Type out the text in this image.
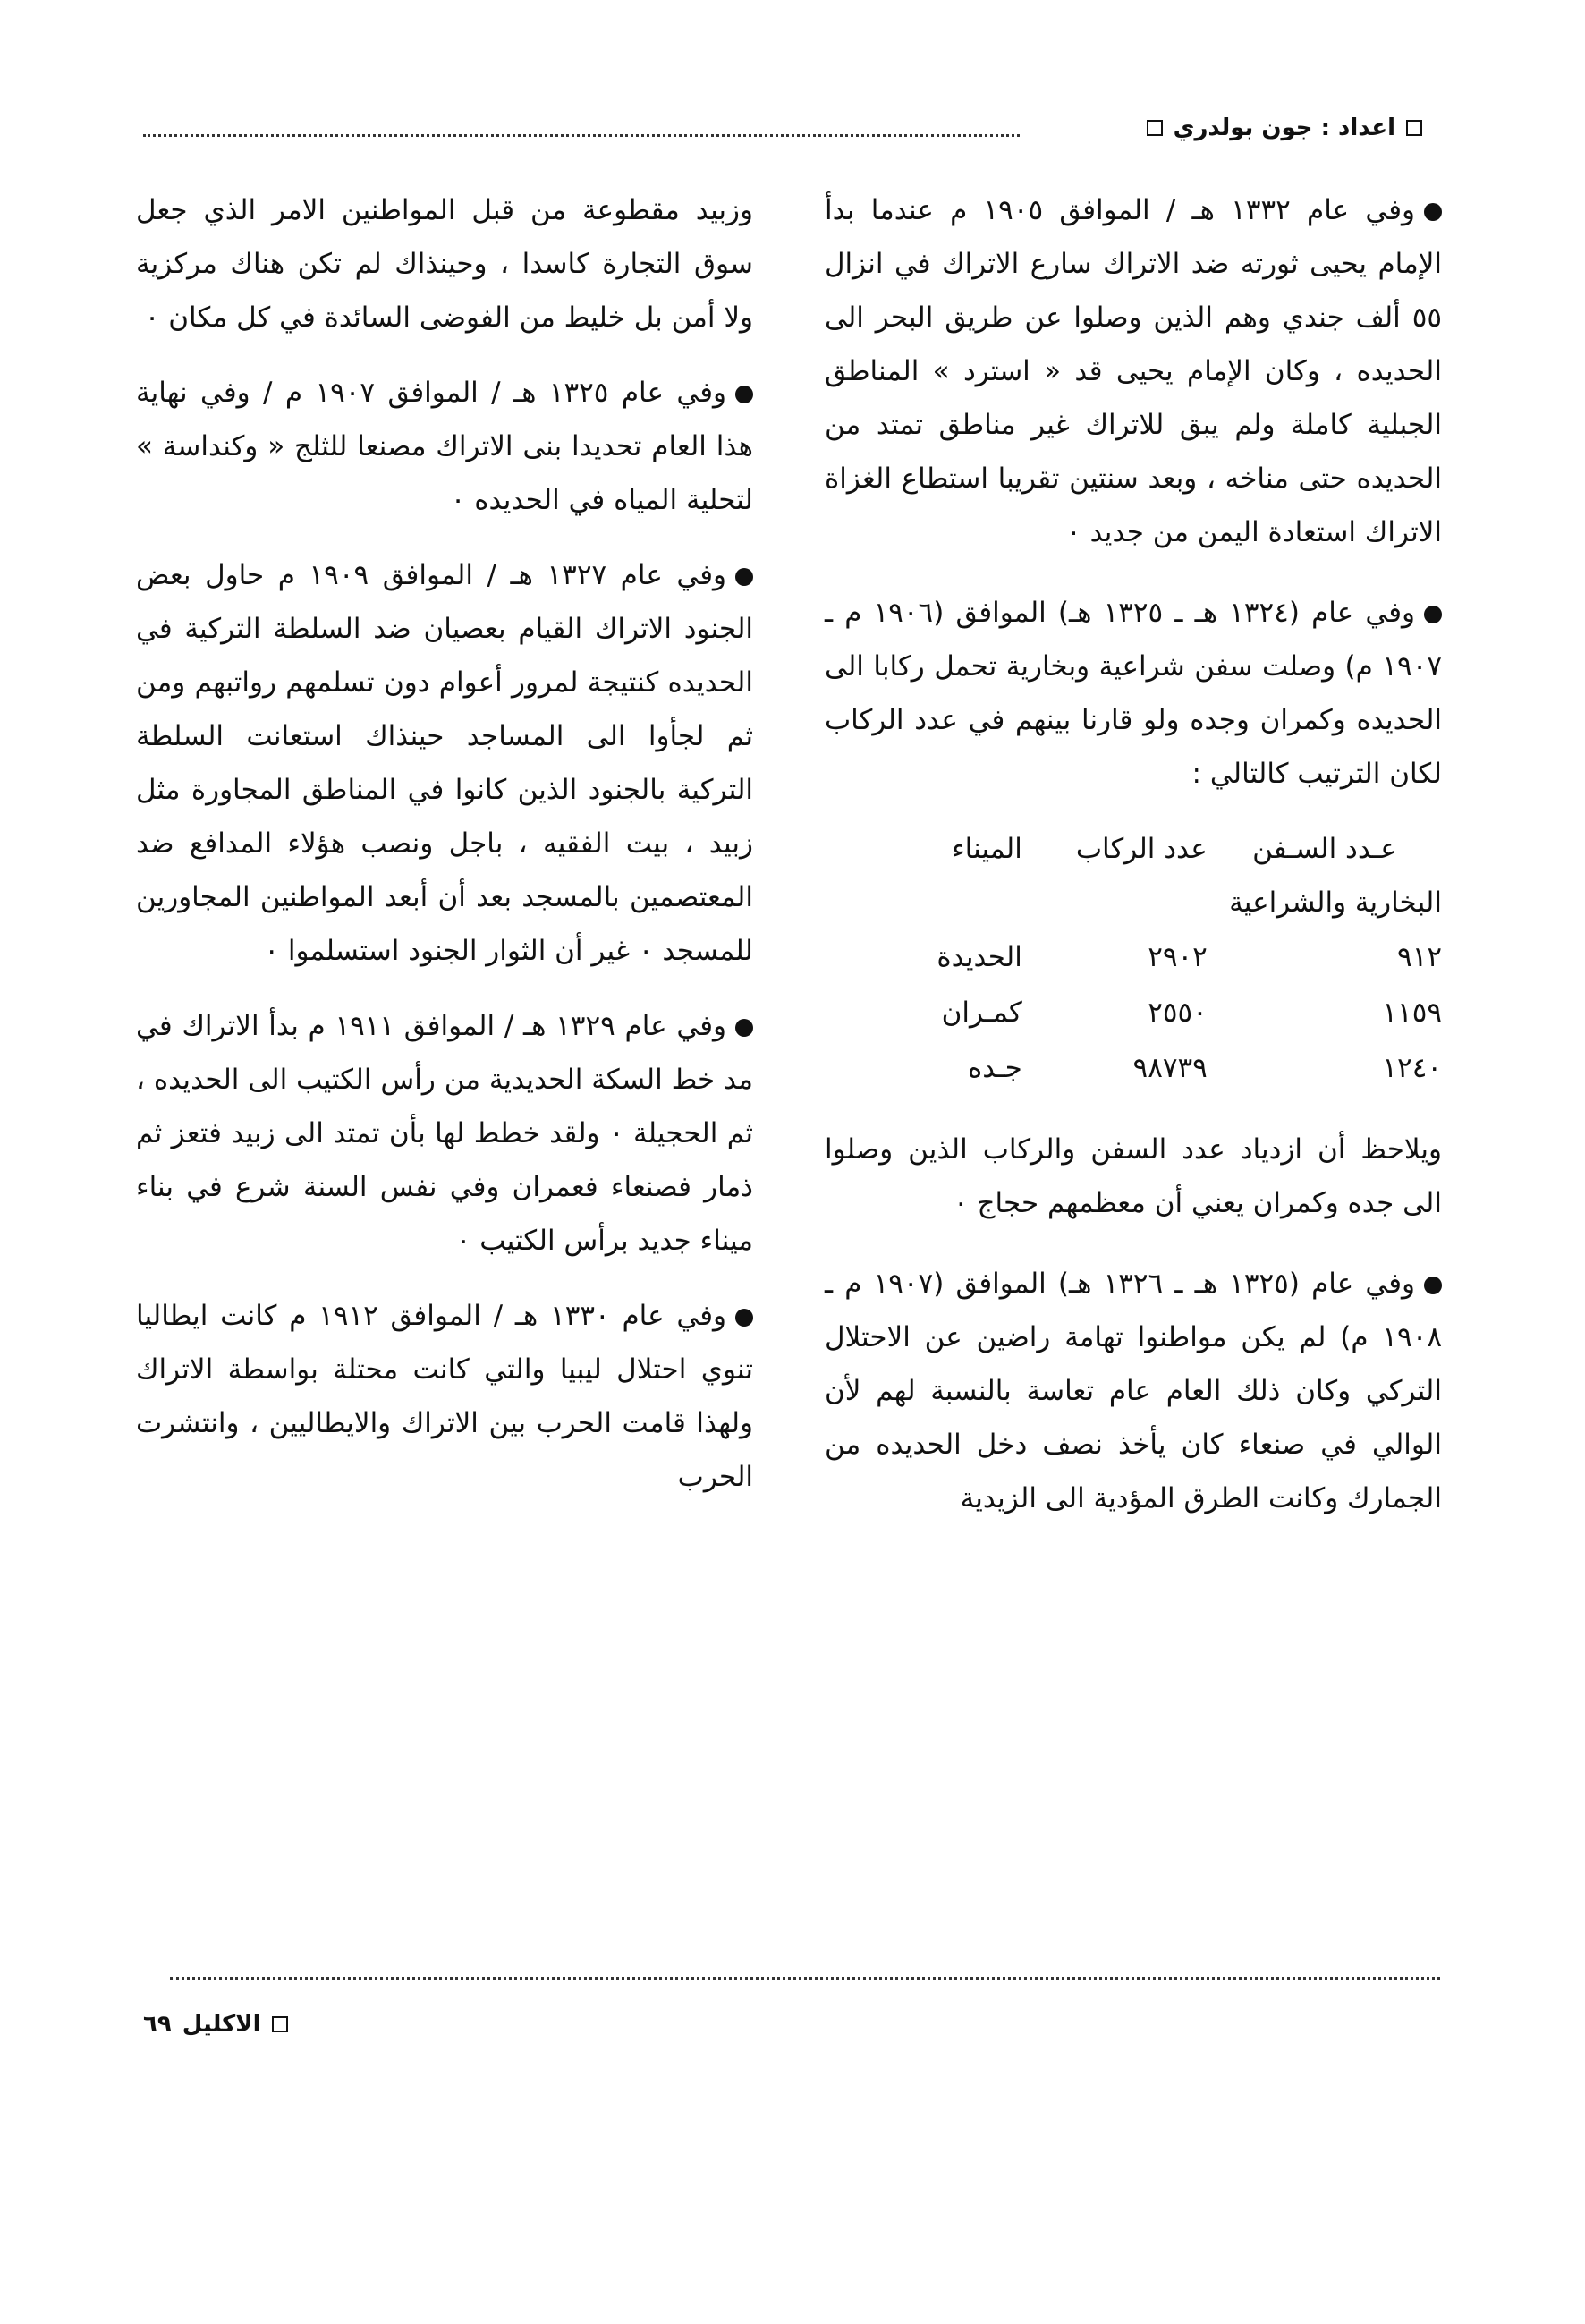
اعداد : جون بولدري

وفي عام ١٣٣٢ هـ / الموافق ١٩٠٥ م عندما بدأ الإمام يحيى ثورته ضد الاتراك سارع الاتراك في انزال ٥٥ ألف جندي وهم الذين وصلوا عن طريق البحر الى الحديده ، وكان الإمام يحيى قد « استرد » المناطق الجبلية كاملة ولم يبق للاتراك غير مناطق تمتد من الحديده حتى مناخه ، وبعد سنتين تقريبا استطاع الغزاة الاتراك استعادة اليمن من جديد ٠

وفي عام (١٣٢٤ هـ ـ ١٣٢٥ هـ) الموافق (١٩٠٦ م ـ ١٩٠٧ م) وصلت سفن شراعية وبخارية تحمل ركابا الى الحديده وكمران وجده ولو قارنا بينهم في عدد الركاب لكان الترتيب كالتالي :

عـدد السـفن البخارية والشراعية	عدد الركاب	الميناء
٩١٢	٢٩٠٢	الحديدة
١١٥٩	٢٥٥٠	كمـران
١٢٤٠	٩٨٧٣٩	جـده

ويلاحظ أن ازدياد عدد السفن والركاب الذين وصلوا الى جده وكمران يعني أن معظمهم حجاج ٠

وفي عام (١٣٢٥ هـ ـ ١٣٢٦ هـ) الموافق (١٩٠٧ م ـ ١٩٠٨ م) لم يكن مواطنوا تهامة راضين عن الاحتلال التركي وكان ذلك العام عام تعاسة بالنسبة لهم لأن الوالي في صنعاء كان يأخذ نصف دخل الحديده من الجمارك وكانت الطرق المؤدية الى الزيدية

وزبيد مقطوعة من قبل المواطنين الامر الذي جعل سوق التجارة كاسدا ، وحينذاك لم تكن هناك مركزية ولا أمن بل خليط من الفوضى السائدة في كل مكان ٠

وفي عام ١٣٢٥ هـ / الموافق ١٩٠٧ م / وفي نهاية هذا العام تحديدا بنى الاتراك مصنعا للثلج « وكنداسة » لتحلية المياه في الحديده ٠

وفي عام ١٣٢٧ هـ / الموافق ١٩٠٩ م حاول بعض الجنود الاتراك القيام بعصيان ضد السلطة التركية في الحديده كنتيجة لمرور أعوام دون تسلمهم رواتبهم ومن ثم لجأوا الى المساجد حينذاك استعانت السلطة التركية بالجنود الذين كانوا في المناطق المجاورة مثل زبيد ، بيت الفقيه ، باجل ونصب هؤلاء المدافع ضد المعتصمين بالمسجد بعد أن أبعد المواطنين المجاورين للمسجد ٠ غير أن الثوار الجنود استسلموا ٠

وفي عام ١٣٢٩ هـ / الموافق ١٩١١ م بدأ الاتراك في مد خط السكة الحديدية من رأس الكتيب الى الحديده ، ثم الحجيلة ٠ ولقد خطط لها بأن تمتد الى زبيد فتعز ثم ذمار فصنعاء فعمران وفي نفس السنة شرع في بناء ميناء جديد برأس الكتيب ٠

وفي عام ١٣٣٠ هـ / الموافق ١٩١٢ م كانت ايطاليا تنوي احتلال ليبيا والتي كانت محتلة بواسطة الاتراك ولهذا قامت الحرب بين الاتراك والايطاليين ، وانتشرت الحرب

الاكليل
٦٩
